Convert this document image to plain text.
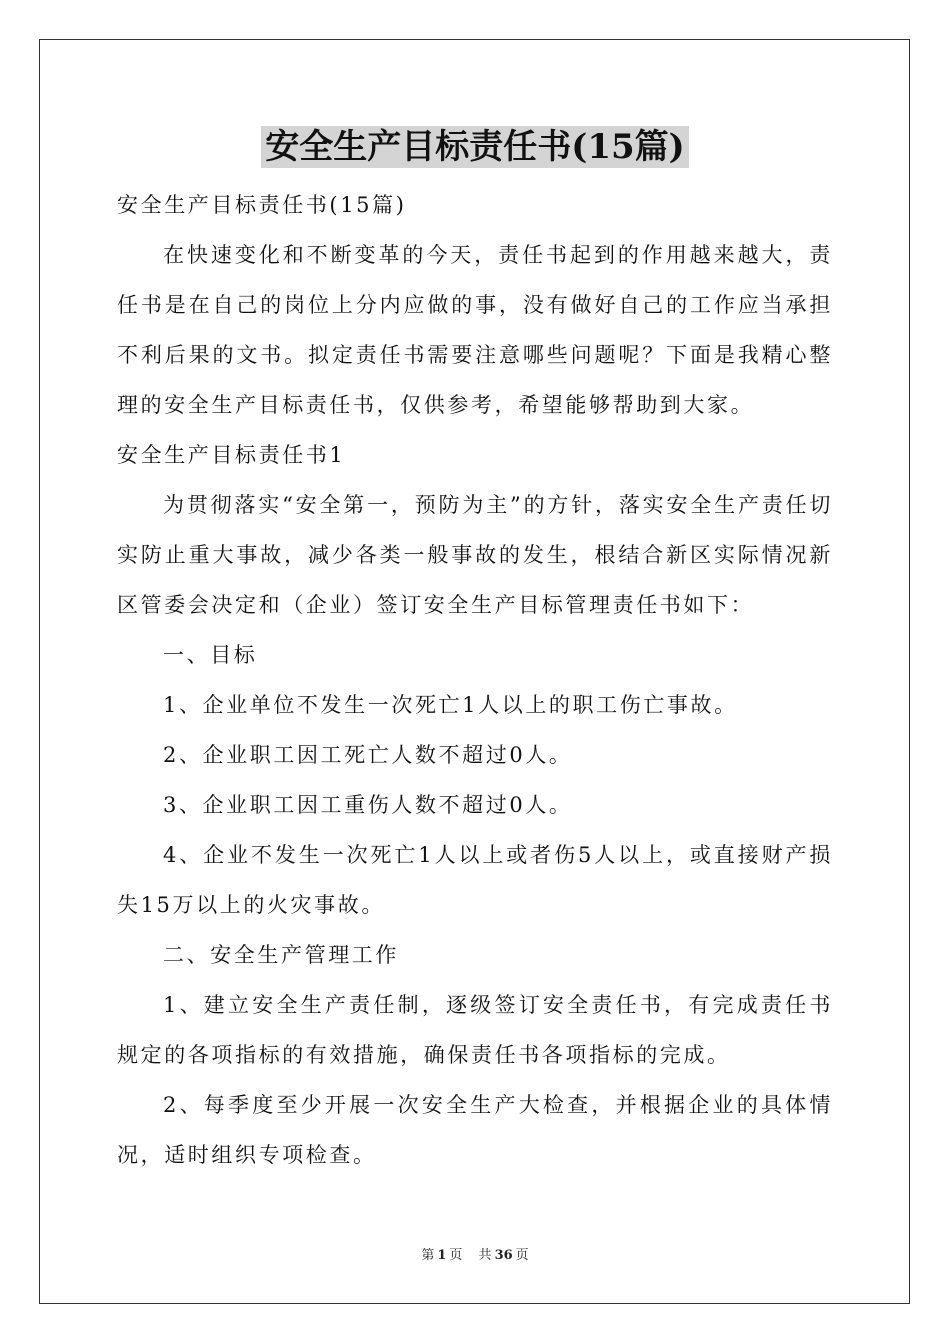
安全生产目标责任书(15篇)

安全生产目标责任书(15篇)

在快速变化和不断变革的今天，责任书起到的作用越来越大，责任书是在自己的岗位上分内应做的事，没有做好自己的工作应当承担不利后果的文书。拟定责任书需要注意哪些问题呢？下面是我精心整理的安全生产目标责任书，仅供参考，希望能够帮助到大家。

安全生产目标责任书1

为贯彻落实“安全第一，预防为主”的方针，落实安全生产责任切实防止重大事故，减少各类一般事故的发生，根结合新区实际情况新区管委会决定和（企业）签订安全生产目标管理责任书如下：

一、目标

1、企业单位不发生一次死亡1人以上的职工伤亡事故。

2、企业职工因工死亡人数不超过0人。

3、企业职工因工重伤人数不超过0人。

4、企业不发生一次死亡1人以上或者伤5人以上，或直接财产损失15万以上的火灾事故。

二、安全生产管理工作

1、建立安全生产责任制，逐级签订安全责任书，有完成责任书规定的各项指标的有效措施，确保责任书各项指标的完成。

2、每季度至少开展一次安全生产大检查，并根据企业的具体情况，适时组织专项检查。

第 1 页 共 36 页
